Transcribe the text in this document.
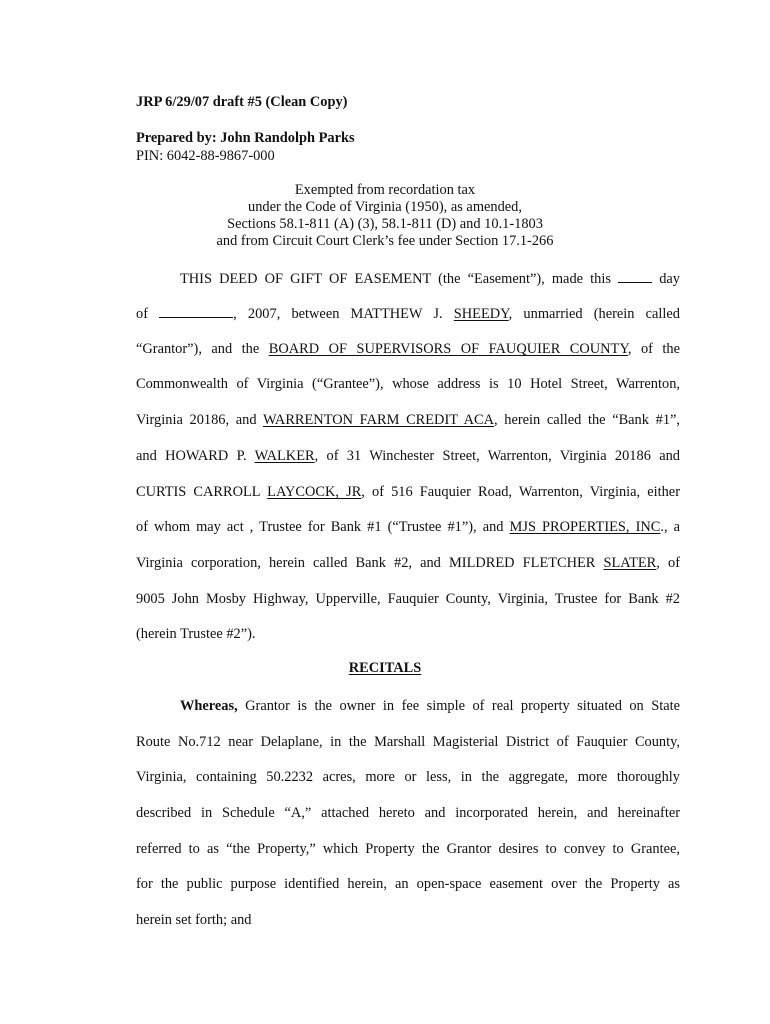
JRP 6/29/07 draft #5 (Clean Copy)
Prepared by: John Randolph Parks
PIN: 6042-88-9867-000
Exempted from recordation tax
under the Code of Virginia (1950), as amended,
Sections 58.1-811 (A) (3), 58.1-811 (D) and 10.1-1803
and from Circuit Court Clerk’s fee under Section 17.1-266
THIS DEED OF GIFT OF EASEMENT (the “Easement”), made this  day
of	, 2007, between MATTHEW J. SHEEDY, unmarried (herein called
“Grantor”), and the BOARD OF SUPERVISORS OF FAUQUIER COUNTY, of the
Commonwealth of Virginia (“Grantee”), whose address is 10 Hotel Street, Warrenton,
Virginia 20186, and WARRENTON FARM CREDIT ACA, herein called the “Bank #1”,
and HOWARD P. WALKER, of 31 Winchester Street, Warrenton, Virginia 20186 and
CURTIS CARROLL LAYCOCK, JR, of 516 Fauquier Road, Warrenton, Virginia, either
of whom may act , Trustee for Bank #1 (“Trustee #1”), and MJS PROPERTIES, INC., a
Virginia corporation, herein called Bank #2, and MILDRED FLETCHER SLATER, of
9005 John Mosby Highway, Upperville, Fauquier County, Virginia, Trustee for Bank #2
(herein Trustee #2”).
RECITALS
Whereas, Grantor is the owner in fee simple of real property situated on State
Route No.712 near Delaplane, in the Marshall Magisterial District of Fauquier County,
Virginia, containing 50.2232 acres, more or less, in the aggregate, more thoroughly
described in Schedule “A,” attached hereto and incorporated herein, and hereinafter
referred to as “the Property,” which Property the Grantor desires to convey to Grantee,
for the public purpose identified herein, an open-space easement over the Property as
herein set forth; and
